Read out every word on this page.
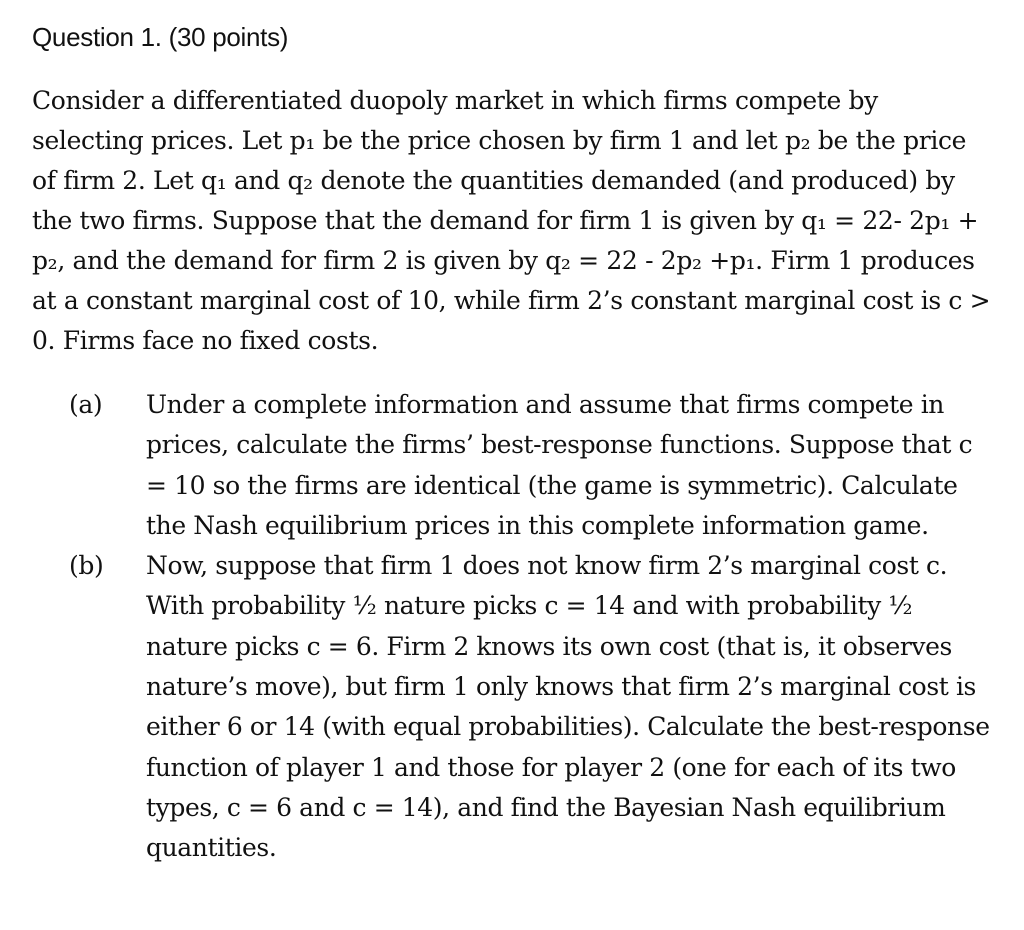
Question 1. (30 points)

Consider a differentiated duopoly market in which firms compete by selecting prices. Let p₁ be the price chosen by firm 1 and let p₂ be the price of firm 2. Let q₁ and q₂ denote the quantities demanded (and produced) by the two firms. Suppose that the demand for firm 1 is given by q₁ = 22- 2p₁ + p₂, and the demand for firm 2 is given by q₂ = 22 - 2p₂ +p₁. Firm 1 produces at a constant marginal cost of 10, while firm 2’s constant marginal cost is c > 0. Firms face no fixed costs.

(a)	Under a complete information and assume that firms compete in prices, calculate the firms’ best-response functions. Suppose that c = 10 so the firms are identical (the game is symmetric). Calculate the Nash equilibrium prices in this complete information game.
(b)	Now, suppose that firm 1 does not know firm 2’s marginal cost c. With probability ½ nature picks c = 14 and with probability ½ nature picks c = 6. Firm 2 knows its own cost (that is, it observes nature’s move), but firm 1 only knows that firm 2’s marginal cost is either 6 or 14 (with equal probabilities). Calculate the best-response function of player 1 and those for player 2 (one for each of its two types, c = 6 and c = 14), and find the Bayesian Nash equilibrium quantities.
